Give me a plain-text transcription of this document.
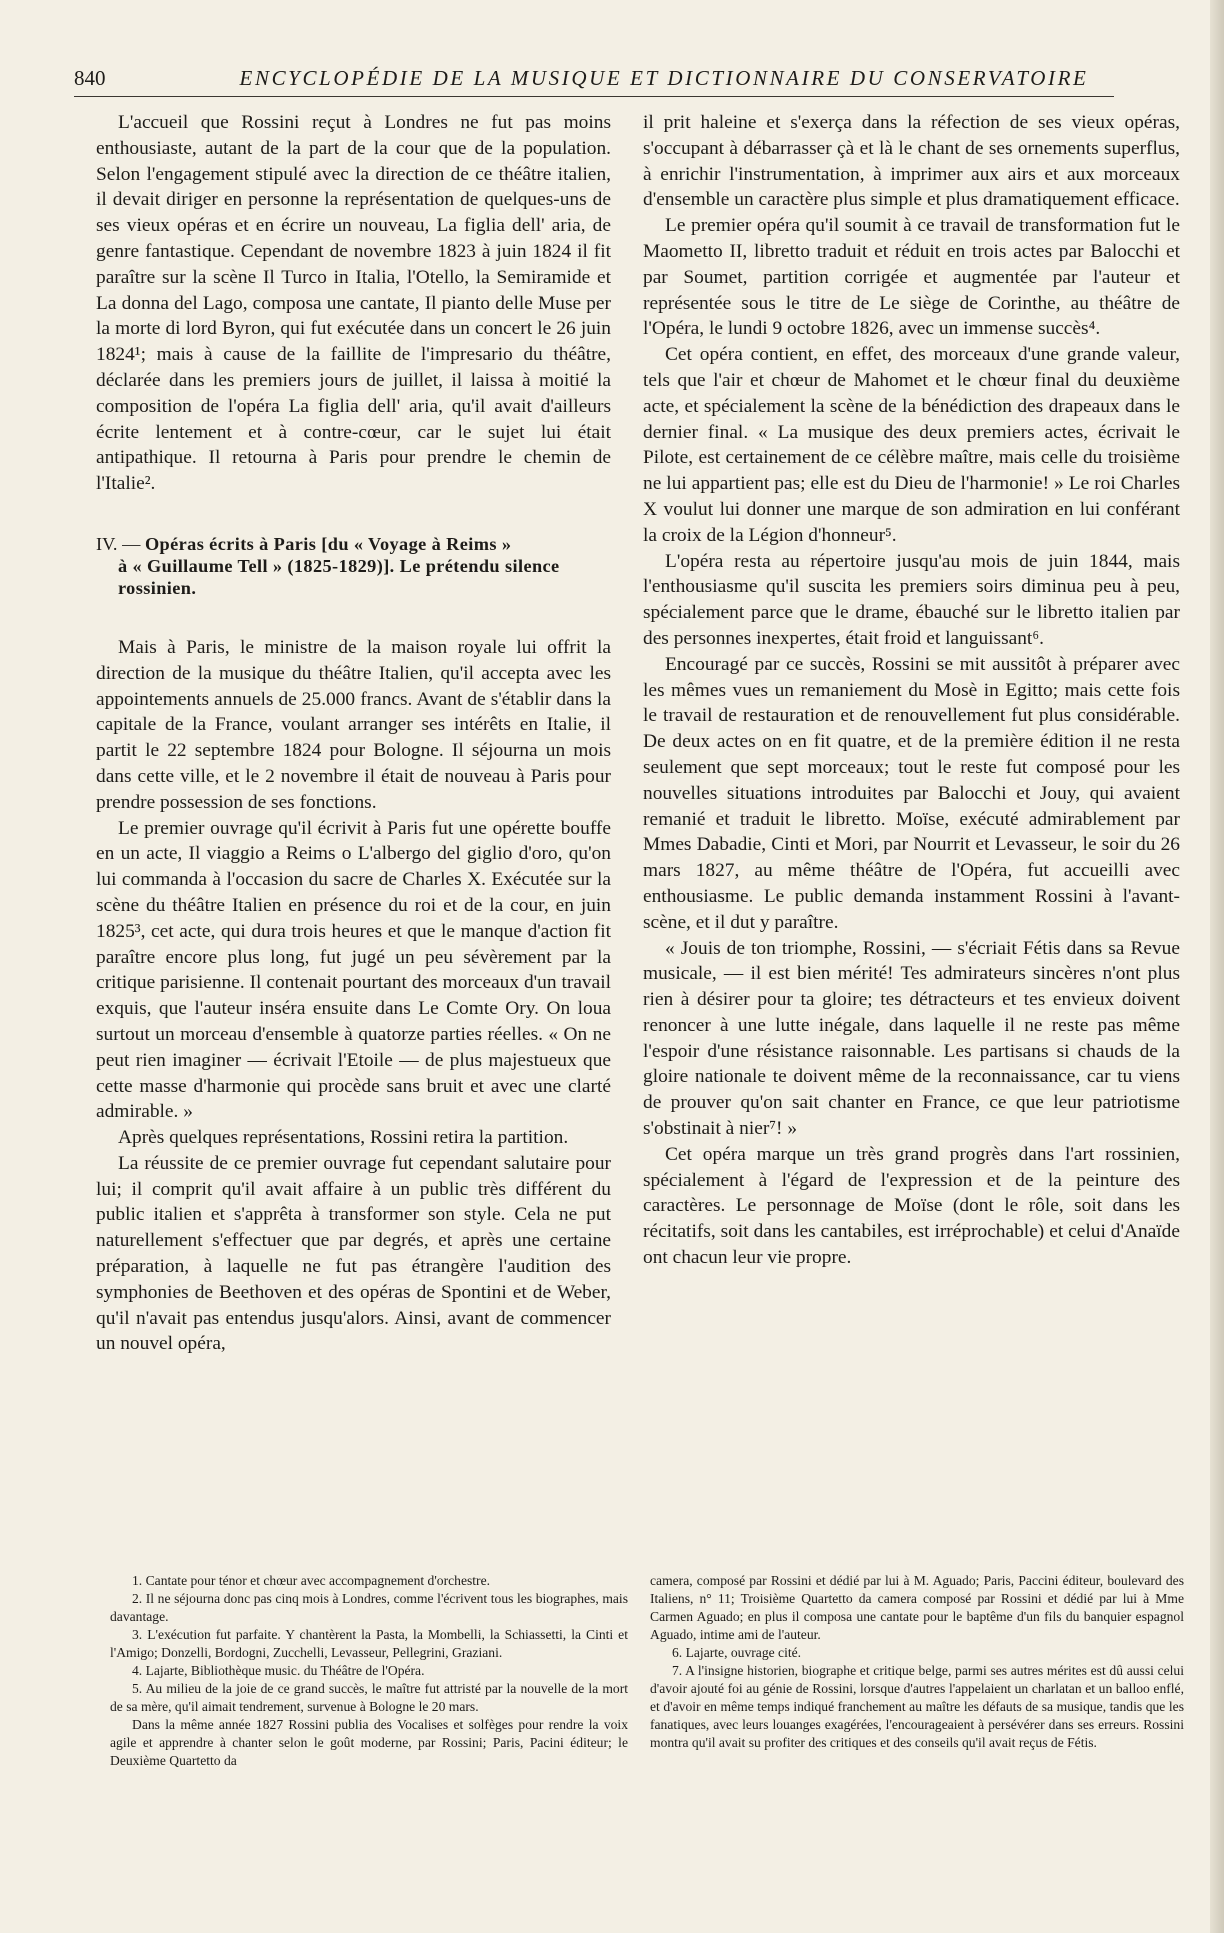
840	ENCYCLOPÉDIE DE LA MUSIQUE ET DICTIONNAIRE DU CONSERVATOIRE

L'accueil que Rossini reçut à Londres ne fut pas moins enthousiaste, autant de la part de la cour que de la population. Selon l'engagement stipulé avec la direction de ce théâtre italien, il devait diriger en personne la représentation de quelques-uns de ses vieux opéras et en écrire un nouveau, La figlia dell' aria, de genre fantastique. Cependant de novembre 1823 à juin 1824 il fit paraître sur la scène Il Turco in Italia, l'Otello, la Semiramide et La donna del Lago, composa une cantate, Il pianto delle Muse per la morte di lord Byron, qui fut exécutée dans un concert le 26 juin 1824¹; mais à cause de la faillite de l'impresario du théâtre, déclarée dans les premiers jours de juillet, il laissa à moitié la composition de l'opéra La figlia dell' aria, qu'il avait d'ailleurs écrite lentement et à contre-cœur, car le sujet lui était antipathique. Il retourna à Paris pour prendre le chemin de l'Italie².

IV. — Opéras écrits à Paris [du « Voyage à Reims »
à « Guillaume Tell » (1825-1829)]. Le prétendu silence rossinien.

Mais à Paris, le ministre de la maison royale lui offrit la direction de la musique du théâtre Italien, qu'il accepta avec les appointements annuels de 25.000 francs. Avant de s'établir dans la capitale de la France, voulant arranger ses intérêts en Italie, il partit le 22 septembre 1824 pour Bologne. Il séjourna un mois dans cette ville, et le 2 novembre il était de nouveau à Paris pour prendre possession de ses fonctions.

Le premier ouvrage qu'il écrivit à Paris fut une opérette bouffe en un acte, Il viaggio a Reims o L'albergo del giglio d'oro, qu'on lui commanda à l'occasion du sacre de Charles X. Exécutée sur la scène du théâtre Italien en présence du roi et de la cour, en juin 1825³, cet acte, qui dura trois heures et que le manque d'action fit paraître encore plus long, fut jugé un peu sévèrement par la critique parisienne. Il contenait pourtant des morceaux d'un travail exquis, que l'auteur inséra ensuite dans Le Comte Ory. On loua surtout un morceau d'ensemble à quatorze parties réelles. « On ne peut rien imaginer — écrivait l'Etoile — de plus majestueux que cette masse d'harmonie qui procède sans bruit et avec une clarté admirable. »

Après quelques représentations, Rossini retira la partition.

La réussite de ce premier ouvrage fut cependant salutaire pour lui; il comprit qu'il avait affaire à un public très différent du public italien et s'apprêta à transformer son style. Cela ne put naturellement s'effectuer que par degrés, et après une certaine préparation, à laquelle ne fut pas étrangère l'audition des symphonies de Beethoven et des opéras de Spontini et de Weber, qu'il n'avait pas entendus jusqu'alors. Ainsi, avant de commencer un nouvel opéra,

il prit haleine et s'exerça dans la réfection de ses vieux opéras, s'occupant à débarrasser çà et là le chant de ses ornements superflus, à enrichir l'instrumentation, à imprimer aux airs et aux morceaux d'ensemble un caractère plus simple et plus dramatiquement efficace.

Le premier opéra qu'il soumit à ce travail de transformation fut le Maometto II, libretto traduit et réduit en trois actes par Balocchi et par Soumet, partition corrigée et augmentée par l'auteur et représentée sous le titre de Le siège de Corinthe, au théâtre de l'Opéra, le lundi 9 octobre 1826, avec un immense succès⁴.

Cet opéra contient, en effet, des morceaux d'une grande valeur, tels que l'air et chœur de Mahomet et le chœur final du deuxième acte, et spécialement la scène de la bénédiction des drapeaux dans le dernier final. « La musique des deux premiers actes, écrivait le Pilote, est certainement de ce célèbre maître, mais celle du troisième ne lui appartient pas; elle est du Dieu de l'harmonie! » Le roi Charles X voulut lui donner une marque de son admiration en lui conférant la croix de la Légion d'honneur⁵.

L'opéra resta au répertoire jusqu'au mois de juin 1844, mais l'enthousiasme qu'il suscita les premiers soirs diminua peu à peu, spécialement parce que le drame, ébauché sur le libretto italien par des personnes inexpertes, était froid et languissant⁶.

Encouragé par ce succès, Rossini se mit aussitôt à préparer avec les mêmes vues un remaniement du Mosè in Egitto; mais cette fois le travail de restauration et de renouvellement fut plus considérable. De deux actes on en fit quatre, et de la première édition il ne resta seulement que sept morceaux; tout le reste fut composé pour les nouvelles situations introduites par Balocchi et Jouy, qui avaient remanié et traduit le libretto. Moïse, exécuté admirablement par Mmes Dabadie, Cinti et Mori, par Nourrit et Levasseur, le soir du 26 mars 1827, au même théâtre de l'Opéra, fut accueilli avec enthousiasme. Le public demanda instamment Rossini à l'avant-scène, et il dut y paraître.

« Jouis de ton triomphe, Rossini, — s'écriait Fétis dans sa Revue musicale, — il est bien mérité! Tes admirateurs sincères n'ont plus rien à désirer pour ta gloire; tes détracteurs et tes envieux doivent renoncer à une lutte inégale, dans laquelle il ne reste pas même l'espoir d'une résistance raisonnable. Les partisans si chauds de la gloire nationale te doivent même de la reconnaissance, car tu viens de prouver qu'on sait chanter en France, ce que leur patriotisme s'obstinait à nier⁷! »

Cet opéra marque un très grand progrès dans l'art rossinien, spécialement à l'égard de l'expression et de la peinture des caractères. Le personnage de Moïse (dont le rôle, soit dans les récitatifs, soit dans les cantabiles, est irréprochable) et celui d'Anaïde ont chacun leur vie propre.

1. Cantate pour ténor et chœur avec accompagnement d'orchestre.

2. Il ne séjourna donc pas cinq mois à Londres, comme l'écrivent tous les biographes, mais davantage.

3. L'exécution fut parfaite. Y chantèrent la Pasta, la Mombelli, la Schiassetti, la Cinti et l'Amigo; Donzelli, Bordogni, Zucchelli, Levasseur, Pellegrini, Graziani.

4. Lajarte, Bibliothèque music. du Théâtre de l'Opéra.

5. Au milieu de la joie de ce grand succès, le maître fut attristé par la nouvelle de la mort de sa mère, qu'il aimait tendrement, survenue à Bologne le 20 mars.

Dans la même année 1827 Rossini publia des Vocalises et solfèges pour rendre la voix agile et apprendre à chanter selon le goût moderne, par Rossini; Paris, Pacini éditeur; le Deuxième Quartetto da

camera, composé par Rossini et dédié par lui à M. Aguado; Paris, Paccini éditeur, boulevard des Italiens, n° 11; Troisième Quartetto da camera composé par Rossini et dédié par lui à Mme Carmen Aguado; en plus il composa une cantate pour le baptême d'un fils du banquier espagnol Aguado, intime ami de l'auteur.

6. Lajarte, ouvrage cité.

7. A l'insigne historien, biographe et critique belge, parmi ses autres mérites est dû aussi celui d'avoir ajouté foi au génie de Rossini, lorsque d'autres l'appelaient un charlatan et un balloo enflé, et d'avoir en même temps indiqué franchement au maître les défauts de sa musique, tandis que les fanatiques, avec leurs louanges exagérées, l'encourageaient à persévérer dans ses erreurs. Rossini montra qu'il avait su profiter des critiques et des conseils qu'il avait reçus de Fétis.
